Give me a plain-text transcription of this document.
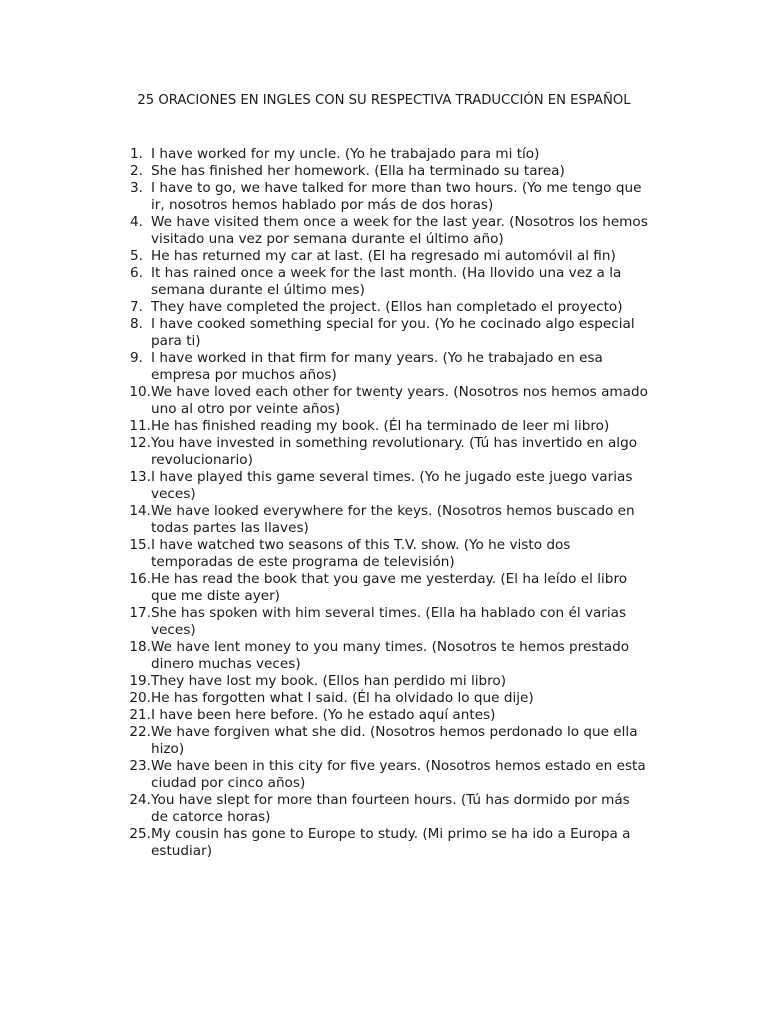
25 ORACIONES EN INGLES CON SU RESPECTIVA TRADUCCIÓN EN ESPAÑOL
1. I have worked for my uncle. (Yo he trabajado para mi tío)
2. She has finished her homework. (Ella ha terminado su tarea)
3. I have to go, we have talked for more than two hours. (Yo me tengo que ir, nosotros hemos hablado por más de dos horas)
4. We have visited them once a week for the last year. (Nosotros los hemos visitado una vez por semana durante el último año)
5. He has returned my car at last. (El ha regresado mi automóvil al fin)
6. It has rained once a week for the last month. (Ha llovido una vez a la semana durante el último mes)
7. They have completed the project. (Ellos han completado el proyecto)
8. I have cooked something special for you. (Yo he cocinado algo especial para ti)
9. I have worked in that firm for many years. (Yo he trabajado en esa empresa por muchos años)
10. We have loved each other for twenty years. (Nosotros nos hemos amado uno al otro por veinte años)
11. He has finished reading my book. (Él ha terminado de leer mi libro)
12. You have invested in something revolutionary. (Tú has invertido en algo revolucionario)
13. I have played this game several times. (Yo he jugado este juego varias veces)
14. We have looked everywhere for the keys. (Nosotros hemos buscado en todas partes las llaves)
15. I have watched two seasons of this T.V. show. (Yo he visto dos temporadas de este programa de televisión)
16. He has read the book that you gave me yesterday. (El ha leído el libro que me diste ayer)
17. She has spoken with him several times. (Ella ha hablado con él varias veces)
18. We have lent money to you many times. (Nosotros te hemos prestado dinero muchas veces)
19. They have lost my book. (Ellos han perdido mi libro)
20. He has forgotten what I said. (Él ha olvidado lo que dije)
21. I have been here before. (Yo he estado aquí antes)
22. We have forgiven what she did. (Nosotros hemos perdonado lo que ella hizo)
23. We have been in this city for five years. (Nosotros hemos estado en esta ciudad por cinco años)
24. You have slept for more than fourteen hours. (Tú has dormido por más de catorce horas)
25. My cousin has gone to Europe to study. (Mi primo se ha ido a Europa a estudiar)
